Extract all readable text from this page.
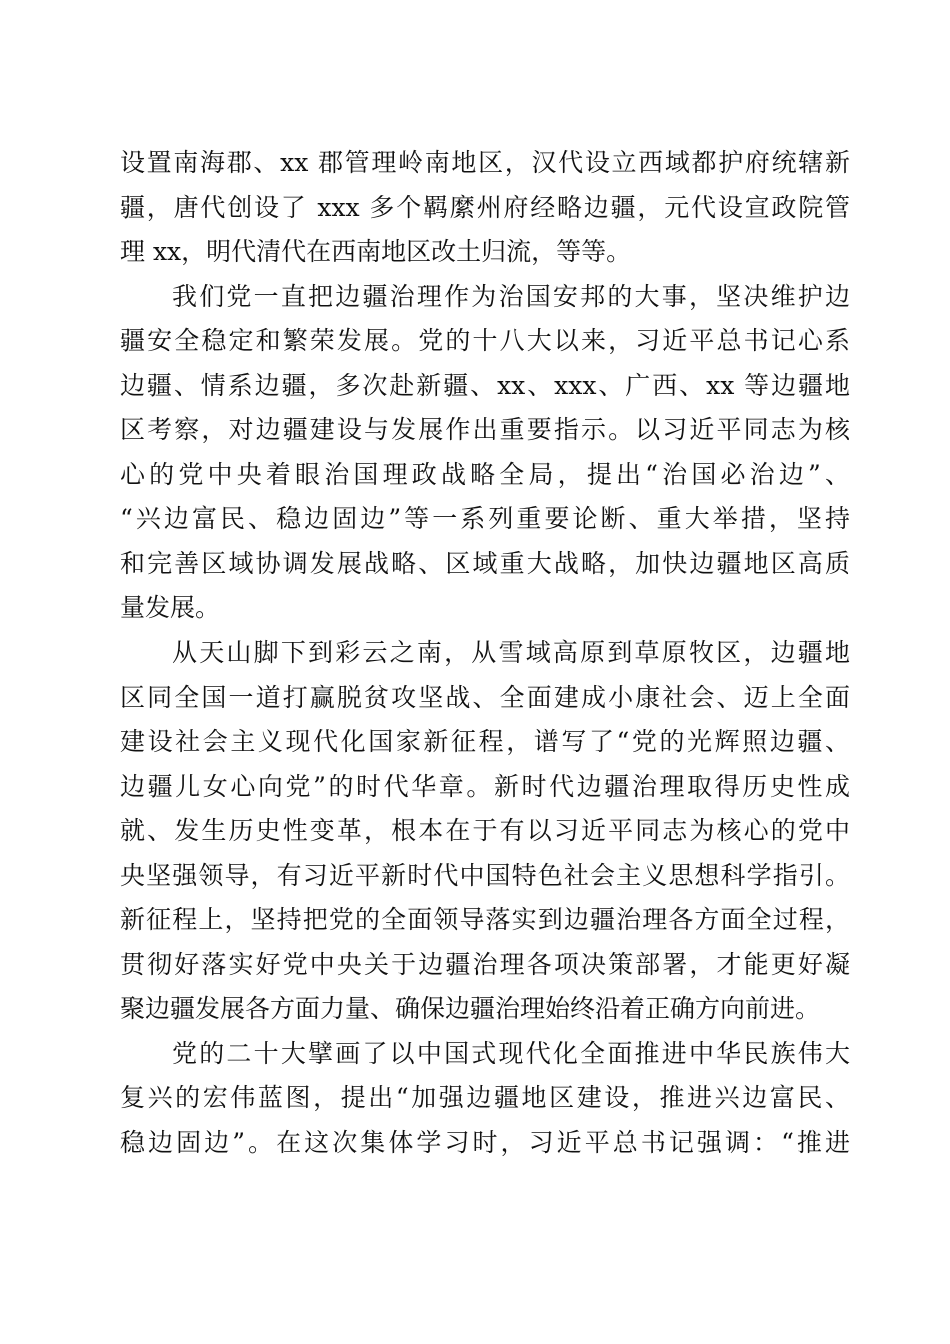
设置南海郡、xx 郡管理岭南地区，汉代设立西域都护府统辖新
疆，唐代创设了 xxx 多个羁縻州府经略边疆，元代设宣政院管
理 xx，明代清代在西南地区改土归流，等等。
我们党一直把边疆治理作为治国安邦的大事，坚决维护边
疆安全稳定和繁荣发展。党的十八大以来，习近平总书记心系
边疆、情系边疆，多次赴新疆、xx、xxx、广西、xx 等边疆地
区考察，对边疆建设与发展作出重要指示。以习近平同志为核
心的党中央着眼治国理政战略全局，提出“治国必治边”、
“兴边富民、稳边固边”等一系列重要论断、重大举措，坚持
和完善区域协调发展战略、区域重大战略，加快边疆地区高质
量发展。
从天山脚下到彩云之南，从雪域高原到草原牧区，边疆地
区同全国一道打赢脱贫攻坚战、全面建成小康社会、迈上全面
建设社会主义现代化国家新征程，谱写了“党的光辉照边疆、
边疆儿女心向党”的时代华章。新时代边疆治理取得历史性成
就、发生历史性变革，根本在于有以习近平同志为核心的党中
央坚强领导，有习近平新时代中国特色社会主义思想科学指引。
新征程上，坚持把党的全面领导落实到边疆治理各方面全过程，
贯彻好落实好党中央关于边疆治理各项决策部署，才能更好凝
聚边疆发展各方面力量、确保边疆治理始终沿着正确方向前进。
党的二十大擘画了以中国式现代化全面推进中华民族伟大
复兴的宏伟蓝图，提出“加强边疆地区建设，推进兴边富民、
稳边固边”。在这次集体学习时，习近平总书记强调：“推进
